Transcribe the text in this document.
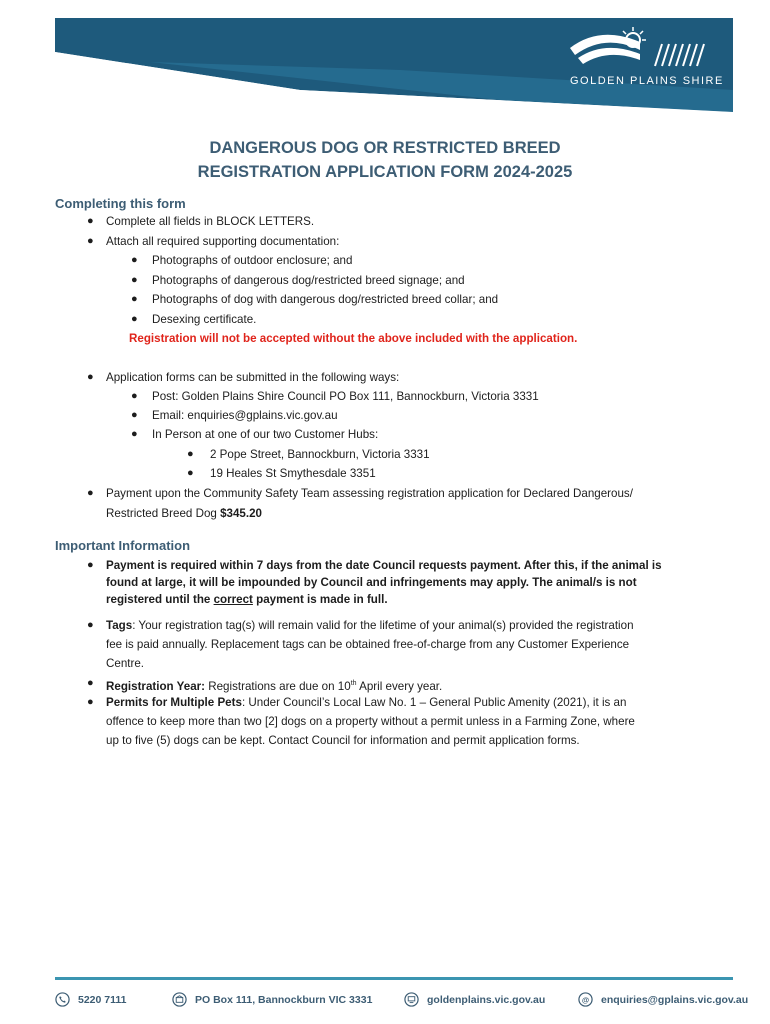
GOLDEN PLAINS SHIRE
DANGEROUS DOG OR RESTRICTED BREED
REGISTRATION APPLICATION FORM 2024-2025
Completing this form
● Complete all fields in BLOCK LETTERS.
● Attach all required supporting documentation:
● Photographs of outdoor enclosure; and
● Photographs of dangerous dog/restricted breed signage; and
● Photographs of dog with dangerous dog/restricted breed collar; and
● Desexing certificate.
Registration will not be accepted without the above included with the application.
● Application forms can be submitted in the following ways:
● Post: Golden Plains Shire Council PO Box 111, Bannockburn, Victoria 3331
● Email: enquiries@gplains.vic.gov.au
● In Person at one of our two Customer Hubs:
● 2 Pope Street, Bannockburn, Victoria 3331
● 19 Heales St Smythesdale 3351
● Payment upon the Community Safety Team assessing registration application for Declared Dangerous/
Restricted Breed Dog $345.20
Important Information
● Payment is required within 7 days from the date Council requests payment. After this, if the animal is
found at large, it will be impounded by Council and infringements may apply. The animal/s is not
registered until the correct payment is made in full.
● Tags: Your registration tag(s) will remain valid for the lifetime of your animal(s) provided the registration
fee is paid annually. Replacement tags can be obtained free-of-charge from any Customer Experience
Centre.
● Registration Year: Registrations are due on 10th April every year.
● Permits for Multiple Pets: Under Council’s Local Law No. 1 – General Public Amenity (2021), it is an
offence to keep more than two [2] dogs on a property without a permit unless in a Farming Zone, where
up to five (5) dogs can be kept. Contact Council for information and permit application forms.
5220 7111	PO Box 111, Bannockburn VIC 3331	goldenplains.vic.gov.au	@ enquiries@gplains.vic.gov.au
